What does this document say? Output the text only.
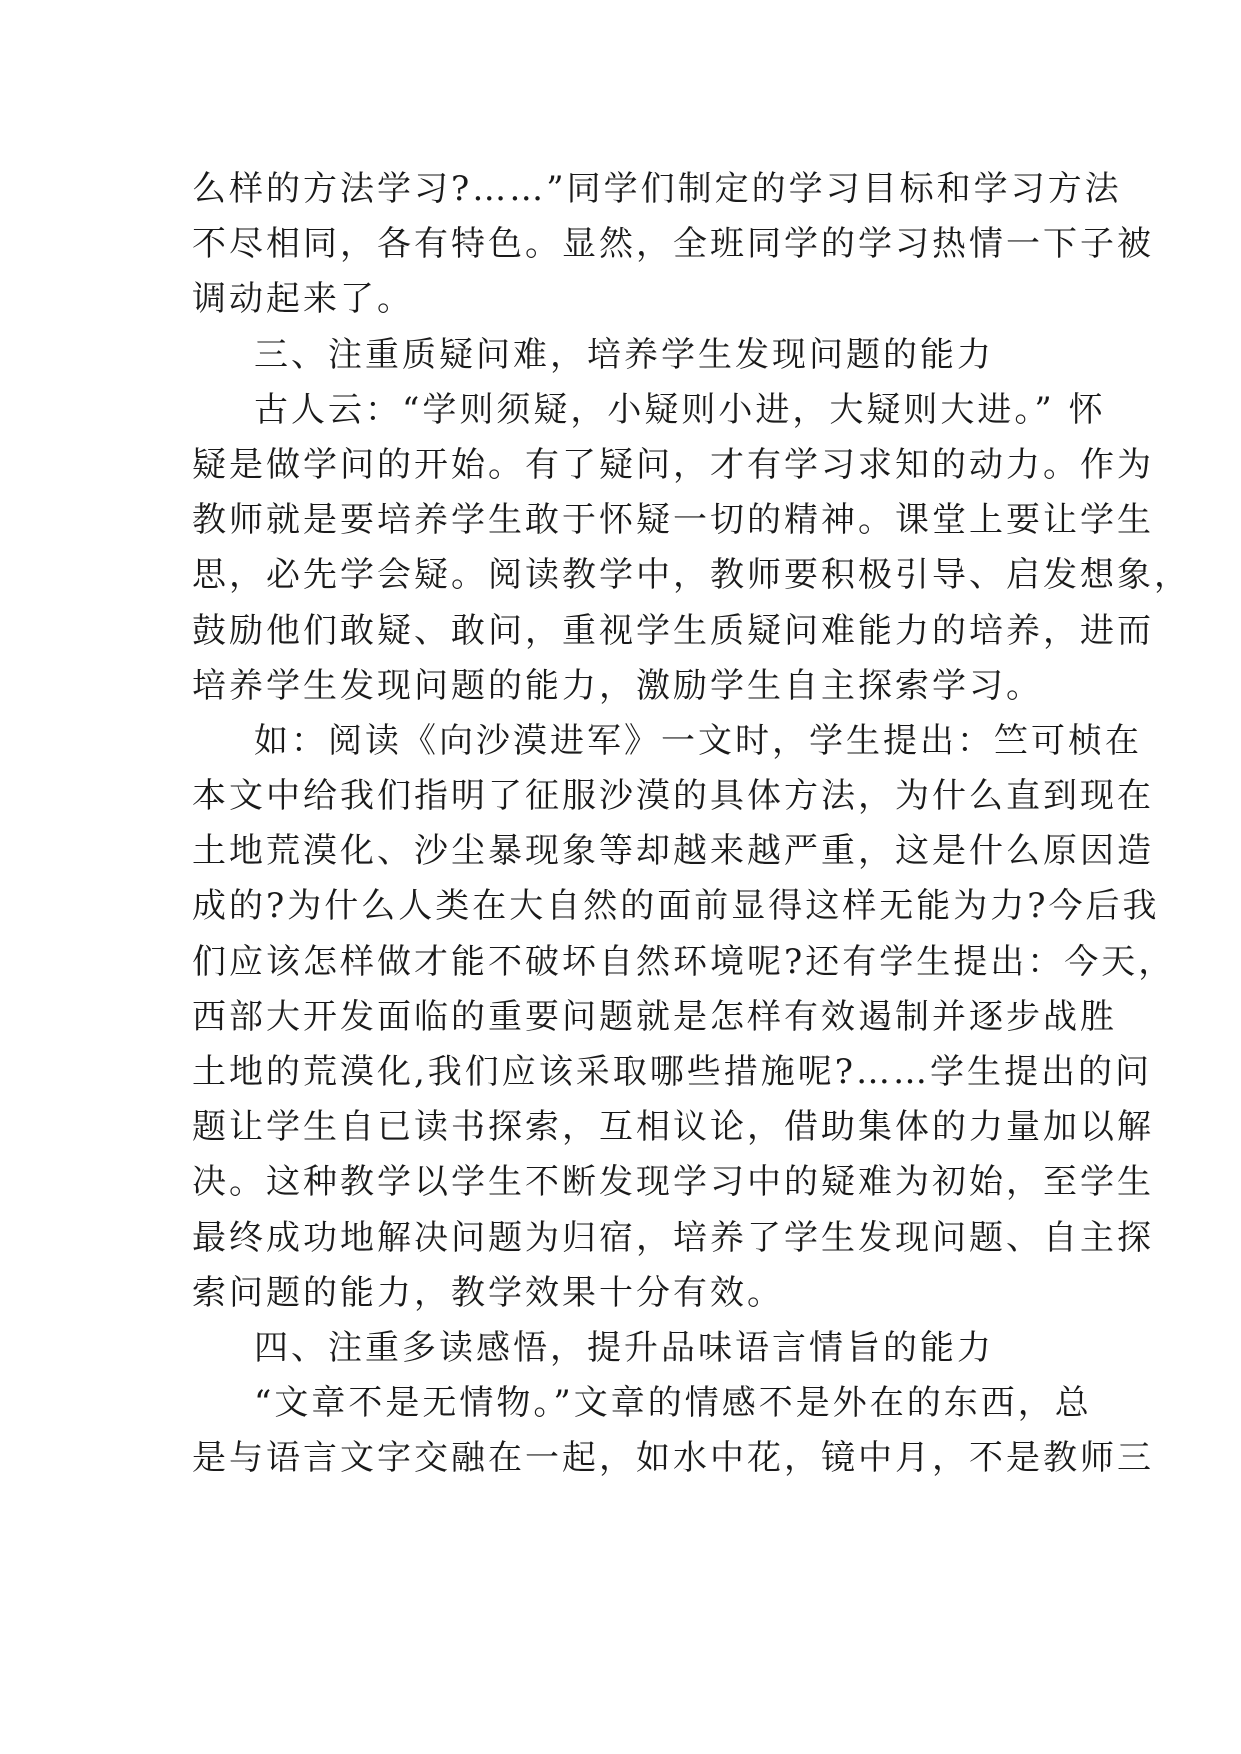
么样的方法学习?……”同学们制定的学习目标和学习方法
不尽相同，各有特色。显然，全班同学的学习热情一下子被
调动起来了。
三、注重质疑问难，培养学生发现问题的能力
古人云：“学则须疑，小疑则小进，大疑则大进。” 怀
疑是做学问的开始。有了疑问，才有学习求知的动力。作为
教师就是要培养学生敢于怀疑一切的精神。课堂上要让学生
思，必先学会疑。阅读教学中，教师要积极引导、启发想象，
鼓励他们敢疑、敢问，重视学生质疑问难能力的培养，进而
培养学生发现问题的能力，激励学生自主探索学习。
如：阅读《向沙漠进军》一文时，学生提出：竺可桢在
本文中给我们指明了征服沙漠的具体方法，为什么直到现在
土地荒漠化、沙尘暴现象等却越来越严重，这是什么原因造
成的?为什么人类在大自然的面前显得这样无能为力?今后我
们应该怎样做才能不破坏自然环境呢?还有学生提出：今天，
西部大开发面临的重要问题就是怎样有效遏制并逐步战胜
土地的荒漠化,我们应该采取哪些措施呢?……学生提出的问
题让学生自已读书探索，互相议论，借助集体的力量加以解
决。这种教学以学生不断发现学习中的疑难为初始，至学生
最终成功地解决问题为归宿，培养了学生发现问题、自主探
索问题的能力，教学效果十分有效。
四、注重多读感悟，提升品味语言情旨的能力
“文章不是无情物。”文章的情感不是外在的东西，总
是与语言文字交融在一起，如水中花，镜中月，不是教师三
